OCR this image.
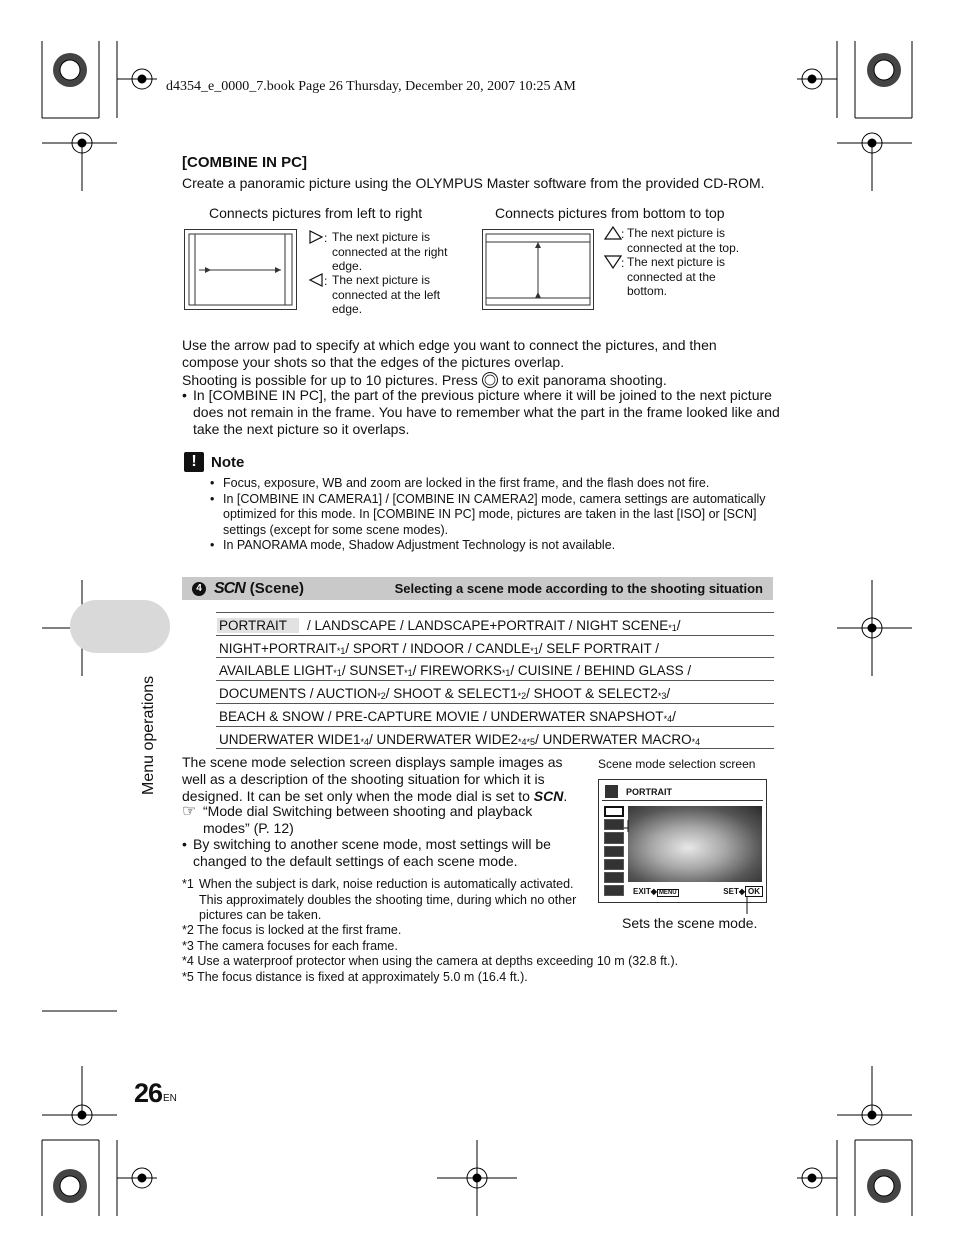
d4354_e_0000_7.book Page 26 Thursday, December 20, 2007 10:25 AM
[COMBINE IN PC]
Create a panoramic picture using the OLYMPUS Master software from the provided CD-ROM.
Connects pictures from left to right	Connects pictures from bottom to top
: The next picture is connected at the right edge.
: The next picture is connected at the left edge.
: The next picture is connected at the top.
: The next picture is connected at the bottom.
Use the arrow pad to specify at which edge you want to connect the pictures, and then compose your shots so that the edges of the pictures overlap.
Shooting is possible for up to 10 pictures. Press to exit panorama shooting.
• In [COMBINE IN PC], the part of the previous picture where it will be joined to the next picture does not remain in the frame. You have to remember what the part in the frame looked like and take the next picture so it overlaps.
! Note
• Focus, exposure, WB and zoom are locked in the first frame, and the flash does not fire.
• In [COMBINE IN CAMERA1] / [COMBINE IN CAMERA2] mode, camera settings are automatically optimized for this mode. In [COMBINE IN PC] mode, pictures are taken in the last [ISO] or [SCN] settings (except for some scene modes).
• In PANORAMA mode, Shadow Adjustment Technology is not available.
4 SCN (Scene)	Selecting a scene mode according to the shooting situation
PORTRAIT	/ LANDSCAPE / LANDSCAPE+PORTRAIT / NIGHT SCENE *1 /
NIGHT+PORTRAIT *1 / SPORT / INDOOR / CANDLE *1 / SELF PORTRAIT /
AVAILABLE LIGHT *1 / SUNSET *1 / FIREWORKS *1 / CUISINE / BEHIND GLASS /
DOCUMENTS / AUCTION *2 / SHOOT & SELECT1 *2 / SHOOT & SELECT2 *3 /
BEACH & SNOW / PRE-CAPTURE MOVIE / UNDERWATER SNAPSHOT *4 /
UNDERWATER WIDE1 *4 / UNDERWATER WIDE2 *4*5 / UNDERWATER MACRO *4
Menu operations The scene mode selection screen displays sample images as well as a description of the shooting situation for which it is designed. It can be set only when the mode dial is set to SCN.
☞ “Mode dial Switching between shooting and playback modes” (P. 12)
• By switching to another scene mode, most settings will be changed to the default settings of each scene mode.
Scene mode selection screen
PORTRAIT
EXIT◆ MENU	SET◆ OK
Sets the scene mode.
*1 When the subject is dark, noise reduction is automatically activated. This approximately doubles the shooting time, during which no other pictures can be taken.
*2 The focus is locked at the first frame.
*3 The camera focuses for each frame.
*4 Use a waterproof protector when using the camera at depths exceeding 10 m (32.8 ft.).
*5 The focus distance is fixed at approximately 5.0 m (16.4 ft.).
26 EN
